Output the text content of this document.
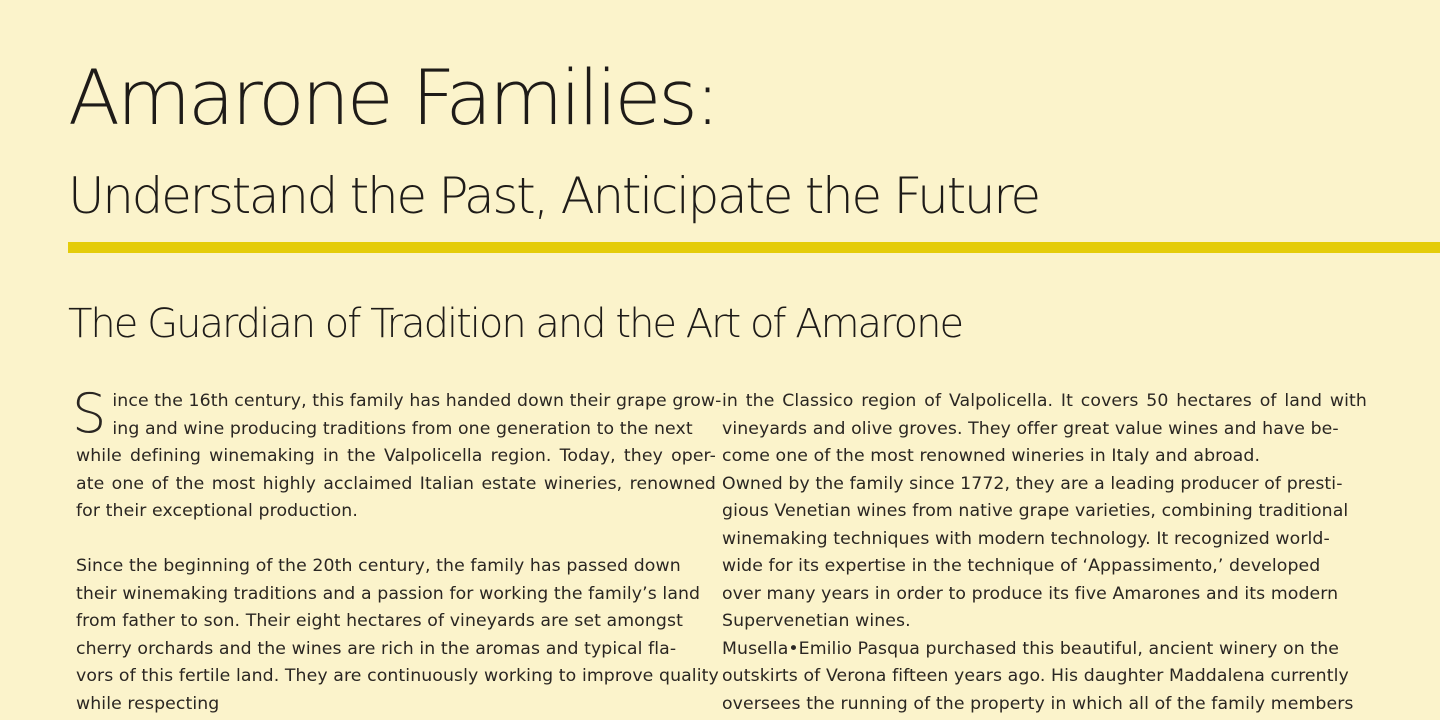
Amarone Families:
Understand the Past, Anticipate the Future
The Guardian of Tradition and the Art of Amarone
S ince the 16th century, this family has handed down their grape grow-
ing and wine producing traditions from one generation to the next
while defining winemaking in the Valpolicella region. Today, they oper-
ate one of the most highly acclaimed Italian estate wineries, renowned
for their exceptional production.
Since the beginning of the 20th century, the family has passed down
their winemaking traditions and a passion for working the family’s land
from father to son. Their eight hectares of vineyards are set amongst
cherry orchards and the wines are rich in the aromas and typical fla-
vors of this fertile land. They are continuously working to improve quality
while respecting
in the Classico region of Valpolicella. It covers 50 hectares of land with
vineyards and olive groves. They offer great value wines and have be-
come one of the most renowned wineries in Italy and abroad.
Owned by the family since 1772, they are a leading producer of presti-
gious Venetian wines from native grape varieties, combining traditional
winemaking techniques with modern technology. It recognized world-
wide for its expertise in the technique of ‘Appassimento,’ developed
over many years in order to produce its five Amarones and its modern
Supervenetian wines.
Musella•Emilio Pasqua purchased this beautiful, ancient winery on the
outskirts of Verona fifteen years ago. His daughter Maddalena currently
oversees the running of the property in which all of the family members
